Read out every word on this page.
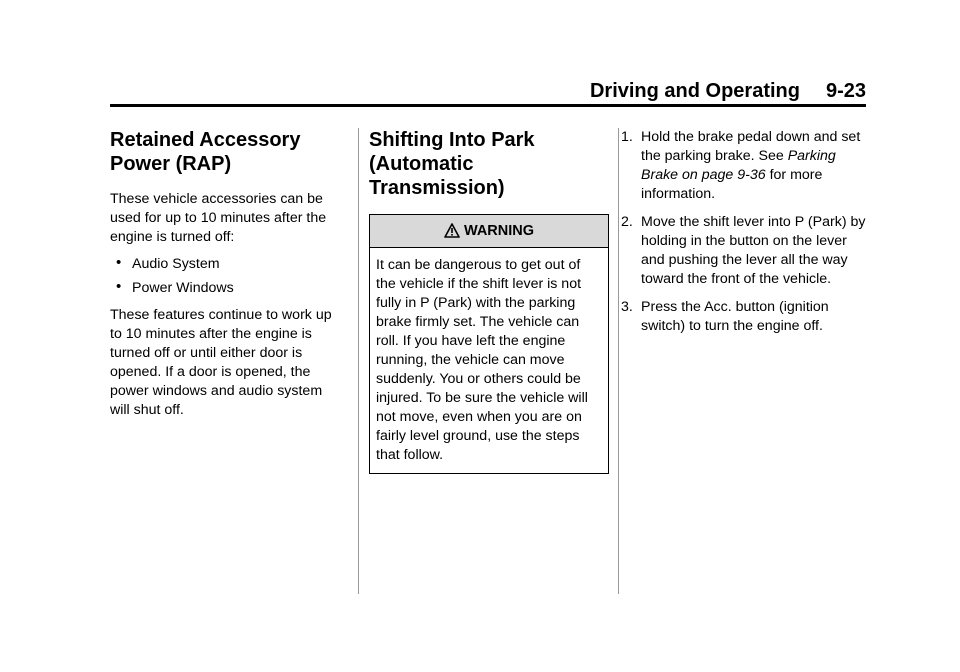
Driving and Operating 9-23
Retained Accessory Power (RAP)

These vehicle accessories can be used for up to 10 minutes after the engine is turned off:

• Audio System
• Power Windows

These features continue to work up to 10 minutes after the engine is turned off or until either door is opened. If a door is opened, the power windows and audio system will shut off.

Shifting Into Park (Automatic Transmission)
WARNING
It can be dangerous to get out of the vehicle if the shift lever is not fully in P (Park) with the parking brake firmly set. The vehicle can roll. If you have left the engine running, the vehicle can move suddenly. You or others could be injured. To be sure the vehicle will not move, even when you are on fairly level ground, use the steps that follow.
1. Hold the brake pedal down and set the parking brake. See Parking Brake on page 9-36 for more information.
2. Move the shift lever into P (Park) by holding in the button on the lever and pushing the lever all the way toward the front of the vehicle.
3. Press the Acc. button (ignition switch) to turn the engine off.
